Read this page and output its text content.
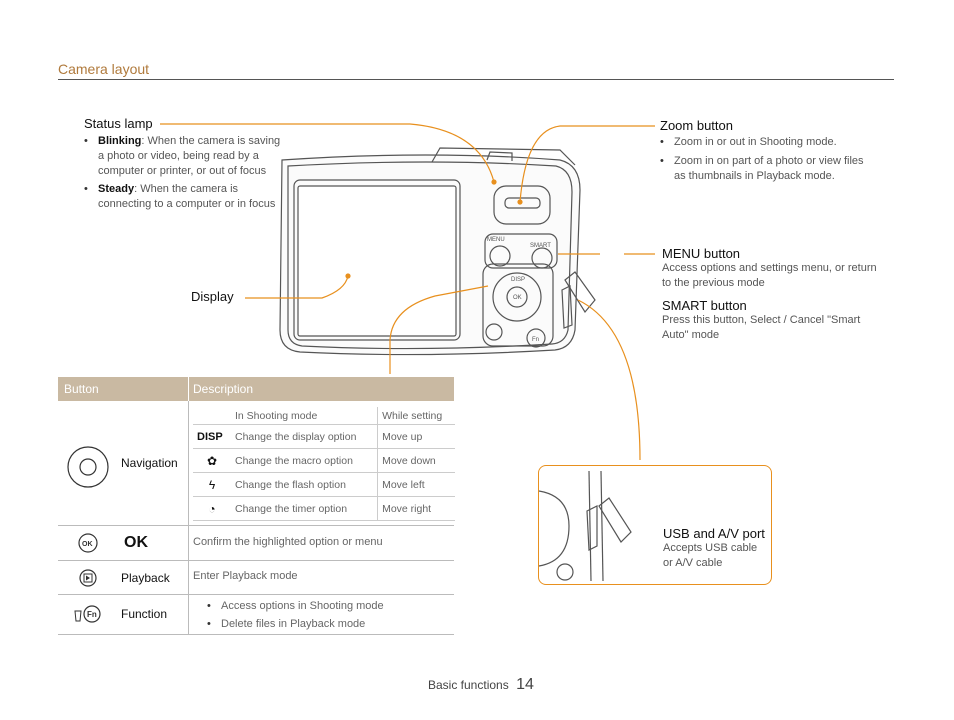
Camera layout
Status lamp
• Blinking: When the camera is saving a photo or video, being read by a computer or printer, or out of focus
• Steady: When the camera is connecting to a computer or in focus
Display
Zoom button
• Zoom in or out in Shooting mode.
• Zoom in on part of a photo or view files as thumbnails in Playback mode.
MENU button
Access options and settings menu, or return to the previous mode
SMART button
Press this button, Select / Cancel "Smart Auto" mode
MENU
SMART
DISP
OK
Fn
USB and A/V port
Accepts USB cable or A/V cable
Button	Description
Navigation
	In Shooting mode	While setting
DISP	Change the display option	Move up
✿	Change the macro option	Move down
ϟ	Change the flash option	Move left
◔	Change the timer option	Move right
OK OK	Confirm the highlighted option or menu
Playback	Enter Playback mode
Fn Function
• Access options in Shooting mode
• Delete files in Playback mode
Basic functions 14
